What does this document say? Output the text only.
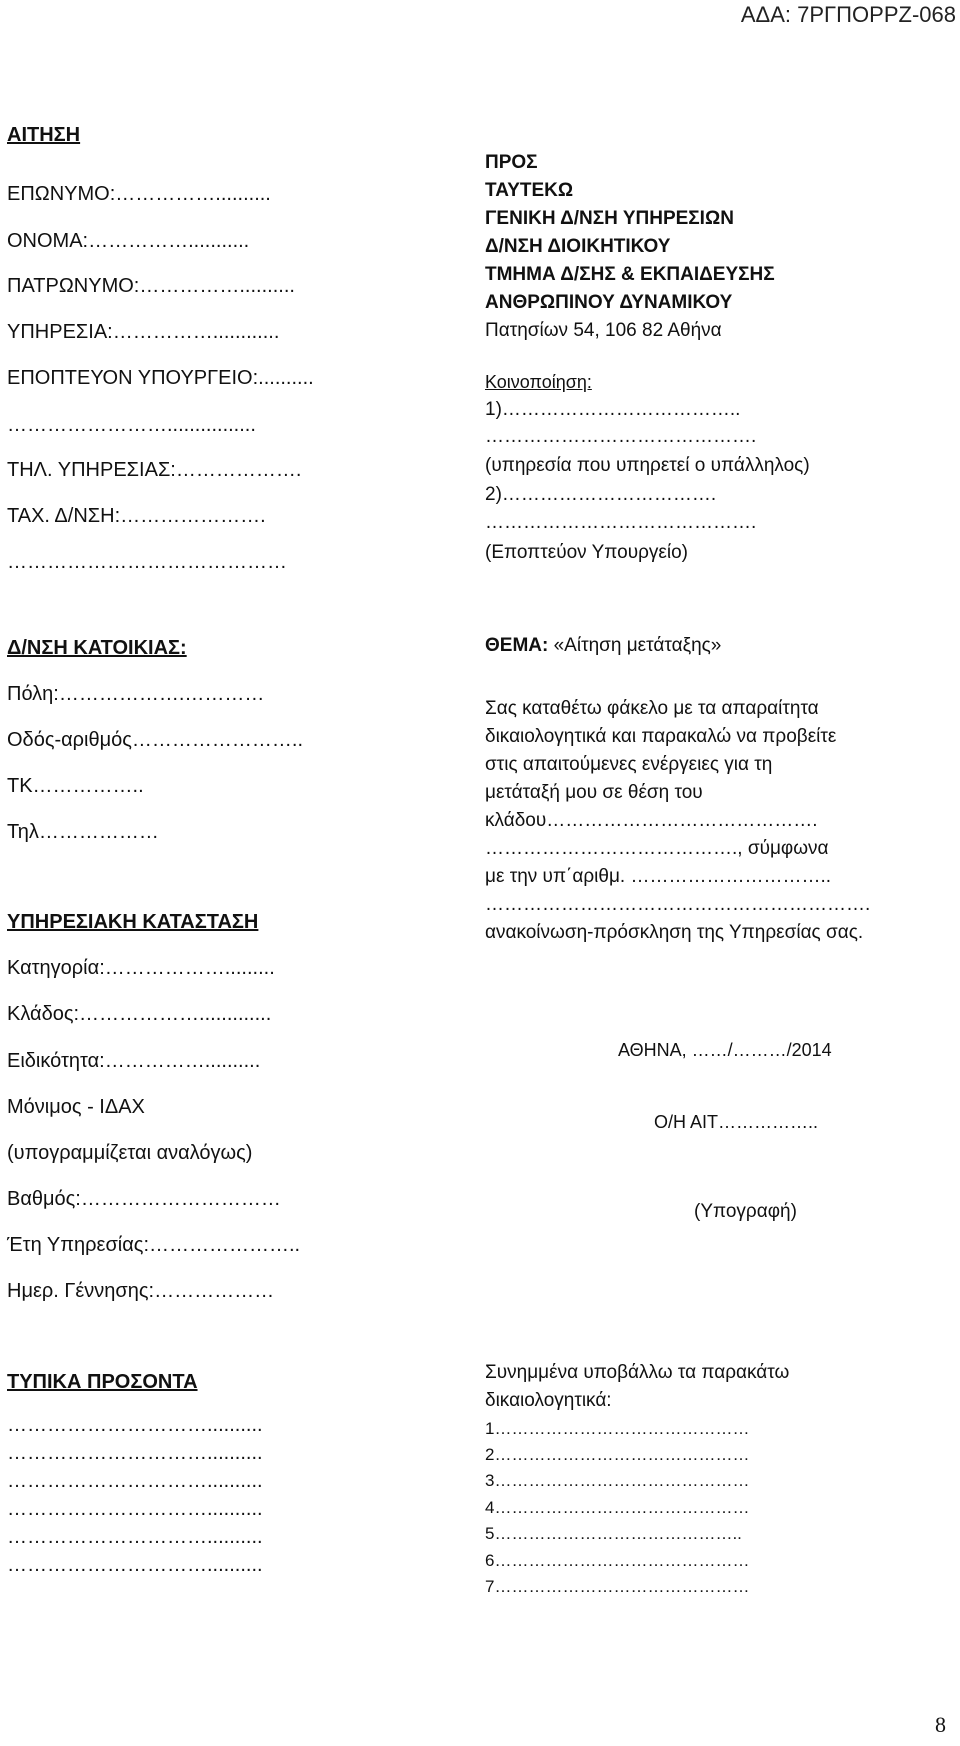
ΑΔΑ: 7ΡΓΠΟΡΡΖ-068
ΑΙΤΗΣΗ
ΕΠΩΝΥΜΟ:……………..........
ΟΝΟΜΑ:……………...........
ΠΑΤΡΩΝΥΜΟ:……………..........
ΥΠΗΡΕΣΙΑ:……………............
ΕΠΟΠΤΕΥΟΝ ΥΠΟΥΡΓΕΙΟ:..........
……………………................
ΤΗΛ. ΥΠΗΡΕΣΙΑΣ:……………….
ΤΑΧ. Δ/ΝΣΗ:………………….
……………………………………
Δ/ΝΣΗ ΚΑΤΟΙΚΙΑΣ:
Πόλη:……………….…………
Οδός-αριθμός……………………..
ΤΚ……………..
Τηλ………………
ΥΠΗΡΕΣΙΑΚΗ ΚΑΤΑΣΤΑΣΗ
Κατηγορία:……………….........
Κλάδος:……………….............
Ειδικότητα:……………..........
Μόνιμος - ΙΔΑΧ
(υπογραμμίζεται αναλόγως)
Βαθμός:…………………………
Έτη Υπηρεσίας:…………………..
Ημερ. Γέννησης:………………
ΤΥΠΙΚΑ ΠΡΟΣΟΝΤΑ
…………………………..........
…………………………..........
…………………………..........
…………………………..........
…………………………..........
…………………………..........
ΠΡΟΣ
ΤΑΥΤΕΚΩ
ΓΕΝΙΚΗ Δ/ΝΣΗ ΥΠΗΡΕΣΙΩΝ
Δ/ΝΣΗ ΔΙΟΙΚΗΤΙΚΟΥ
ΤΜΗΜΑ Δ/ΣΗΣ & ΕΚΠΑΙΔΕΥΣΗΣ
ΑΝΘΡΩΠΙΝΟΥ ΔΥΝΑΜΙΚΟΥ
Πατησίων 54, 106 82 Αθήνα
Κοινοποίηση:
1)………………………………..
…………………………………….
(υπηρεσία που υπηρετεί ο υπάλληλος)
2)…………………………….
…………………………………….
(Εποπτεύον Υπουργείο)
ΘΕΜΑ: «Αίτηση μετάταξης»
Σας καταθέτω φάκελο με τα απαραίτητα
δικαιολογητικά και παρακαλώ να προβείτε
στις απαιτούμενες ενέργειες για τη
μετάταξή μου σε θέση του
κλάδου…………………………………….
…………………………………., σύμφωνα
με την υπ΄αριθμ. …………………………..
…………………………………………………….
ανακοίνωση-πρόσκληση της Υπηρεσίας σας.
ΑΘΗΝΑ, ……/………/2014
Ο/Η ΑΙΤ……………..
(Υπογραφή)
Συνημμένα υποβάλλω τα παρακάτω
δικαιολογητικά:
1………………………………………
2………………………………………
3………………………………………
4………………………………………
5……………………………………..
6………………………………………
7………………………………………
8
